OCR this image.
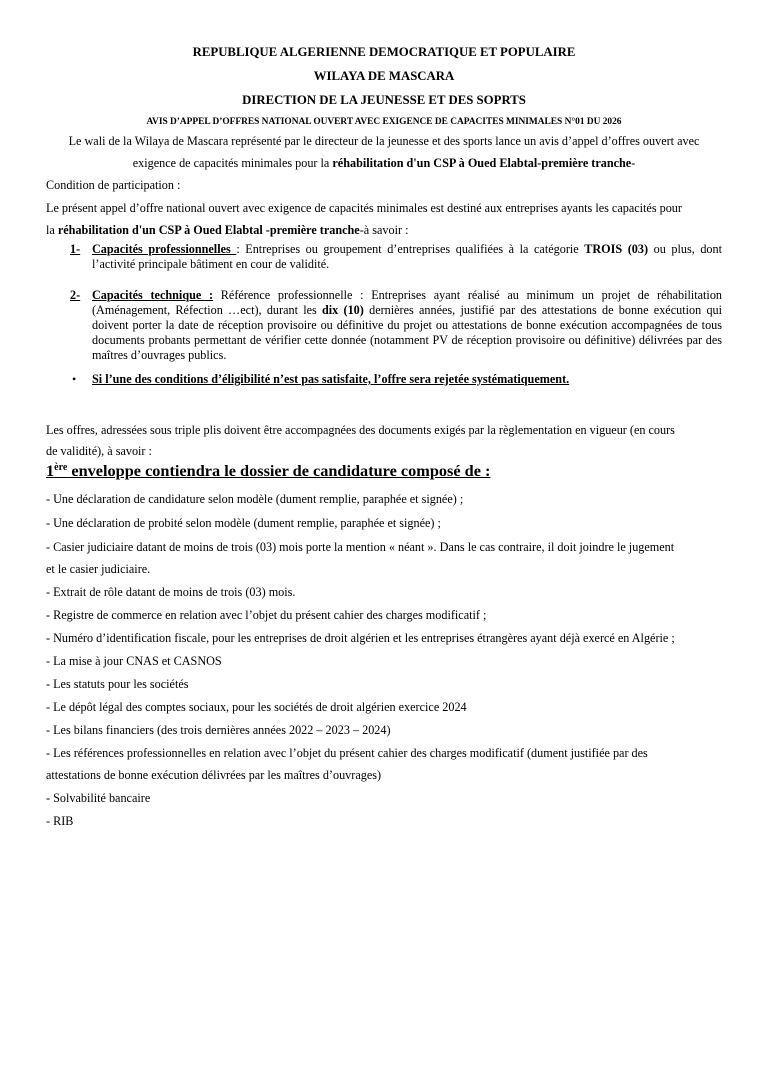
REPUBLIQUE ALGERIENNE DEMOCRATIQUE ET POPULAIRE
WILAYA DE MASCARA
DIRECTION DE LA JEUNESSE ET DES SOPRTS
AVIS D’APPEL D’OFFRES NATIONAL OUVERT AVEC EXIGENCE DE CAPACITES MINIMALES N°01 DU 2026
Le wali de la Wilaya de Mascara représenté par le directeur de la jeunesse et des sports lance un avis d’appel d’offres ouvert avec
exigence de capacités minimales pour la réhabilitation d'un CSP à Oued Elabtal-première tranche-
Condition de participation :
Le présent appel d’offre national ouvert avec exigence de capacités minimales est destiné aux entreprises ayants les capacités pour
la réhabilitation d'un CSP à Oued Elabtal -première tranche-à savoir :
1- Capacités professionnelles : Entreprises ou groupement d’entreprises qualifiées à la catégorie TROIS (03) ou plus, dont l’activité principale bâtiment en cour de validité.
2- Capacités technique : Référence professionnelle : Entreprises ayant réalisé au minimum un projet de réhabilitation (Aménagement, Réfection …ect), durant les dix (10) dernières années, justifié par des attestations de bonne exécution qui doivent porter la date de réception provisoire ou définitive du projet ou attestations de bonne exécution accompagnées de tous documents probants permettant de vérifier cette donnée (notamment PV de réception provisoire ou définitive) délivrées par des maîtres d’ouvrages publics.
• Si l’une des conditions d’éligibilité n’est pas satisfaite, l’offre sera rejetée systématiquement.
Les offres, adressées sous triple plis doivent être accompagnées des documents exigés par la règlementation en vigueur (en cours
de validité), à savoir :
1ère enveloppe contiendra le dossier de candidature composé de :
- Une déclaration de candidature selon modèle (dument remplie, paraphée et signée) ;
- Une déclaration de probité selon modèle (dument remplie, paraphée et signée) ;
- Casier judiciaire datant de moins de trois (03) mois porte la mention « néant ». Dans le cas contraire, il doit joindre le jugement
et le casier judiciaire.
- Extrait de rôle datant de moins de trois (03) mois.
- Registre de commerce en relation avec l’objet du présent cahier des charges modificatif ;
- Numéro d’identification fiscale, pour les entreprises de droit algérien et les entreprises étrangères ayant déjà exercé en Algérie ;
- La mise à jour CNAS et CASNOS
- Les statuts pour les sociétés
- Le dépôt légal des comptes sociaux, pour les sociétés de droit algérien exercice 2024
- Les bilans financiers (des trois dernières années 2022 – 2023 – 2024)
- Les références professionnelles en relation avec l’objet du présent cahier des charges modificatif (dument justifiée par des
attestations de bonne exécution délivrées par les maîtres d’ouvrages)
- Solvabilité bancaire
- RIB
